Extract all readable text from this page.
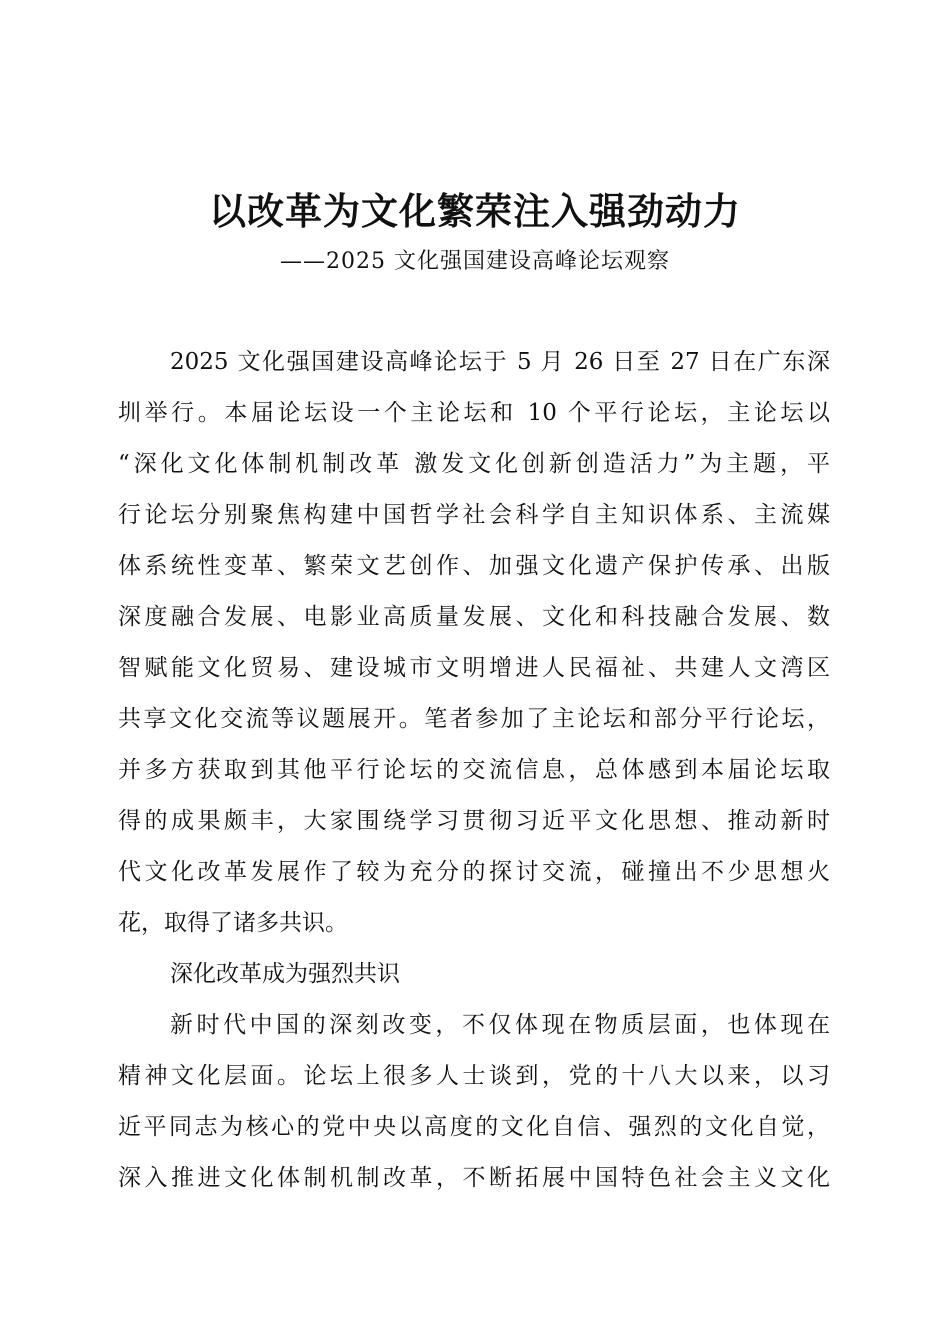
以改革为文化繁荣注入强劲动力
——2025 文化强国建设高峰论坛观察
2025 文化强国建设高峰论坛于 5 月 26 日至 27 日在广东深
圳举行。本届论坛设一个主论坛和 10 个平行论坛，主论坛以
“深化文化体制机制改革 激发文化创新创造活力”为主题，平
行论坛分别聚焦构建中国哲学社会科学自主知识体系、主流媒
体系统性变革、繁荣文艺创作、加强文化遗产保护传承、出版
深度融合发展、电影业高质量发展、文化和科技融合发展、数
智赋能文化贸易、建设城市文明增进人民福祉、共建人文湾区
共享文化交流等议题展开。笔者参加了主论坛和部分平行论坛，
并多方获取到其他平行论坛的交流信息，总体感到本届论坛取
得的成果颇丰，大家围绕学习贯彻习近平文化思想、推动新时
代文化改革发展作了较为充分的探讨交流，碰撞出不少思想火
花，取得了诸多共识。
深化改革成为强烈共识
新时代中国的深刻改变，不仅体现在物质层面，也体现在
精神文化层面。论坛上很多人士谈到，党的十八大以来，以习
近平同志为核心的党中央以高度的文化自信、强烈的文化自觉，
深入推进文化体制机制改革，不断拓展中国特色社会主义文化
